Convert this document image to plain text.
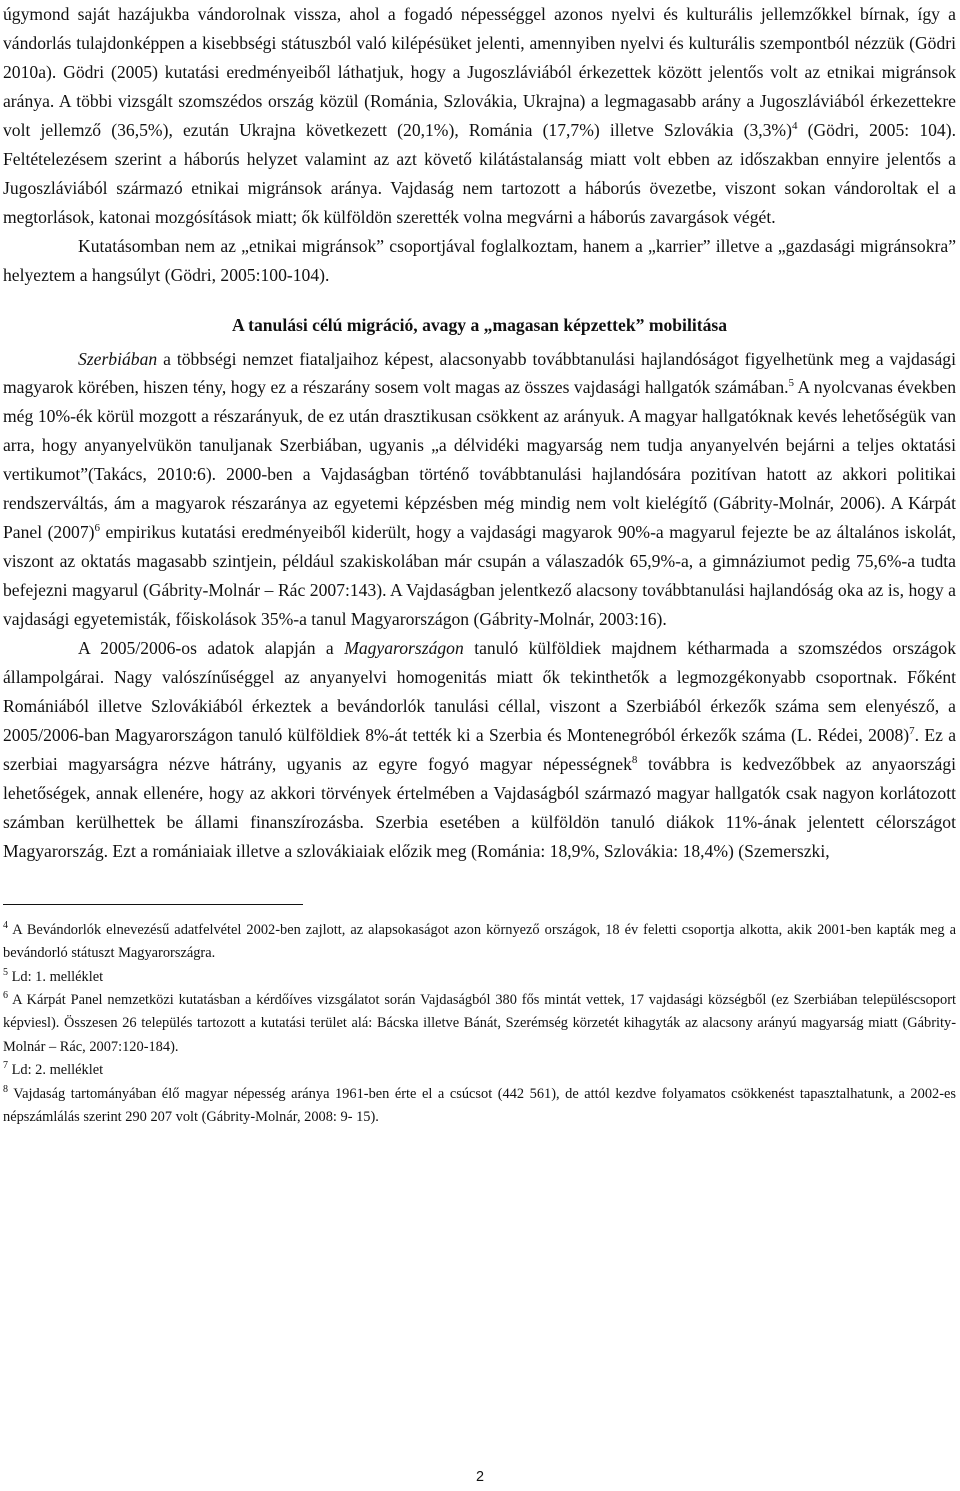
úgymond saját hazájukba vándorolnak vissza, ahol a fogadó népességgel azonos nyelvi és kulturális jellemzőkkel bírnak, így a vándorlás tulajdonképpen a kisebbségi státuszból való kilépésüket jelenti, amennyiben nyelvi és kulturális szempontból nézzük (Gödri 2010a). Gödri (2005) kutatási eredményeiből láthatjuk, hogy a Jugoszláviából érkezettek között jelentős volt az etnikai migránsok aránya. A többi vizsgált szomszédos ország közül (Románia, Szlovákia, Ukrajna) a legmagasabb arány a Jugoszláviából érkezettekre volt jellemző (36,5%), ezután Ukrajna következett (20,1%), Románia (17,7%) illetve Szlovákia $(3,3\%)^4$ (Gödri, 2005: 104). Feltételezésem szerint a háborús helyzet valamint az azt követő kilátástalanság miatt volt ebben az időszakban ennyire jelentős a Jugoszláviából származó etnikai migránsok aránya. Vajdaság nem tartozott a háborús övezetbe, viszont sokan vándoroltak el a megtorlások, katonai mozgósítások miatt; ők külföldön szerették volna megvárni a háborús zavargások végét.

Kutatásomban nem az „etnikai migránsok” csoportjával foglalkoztam, hanem a „karrier” illetve a „gazdasági migránsokra” helyeztem a hangsúlyt (Gödri, 2005:100-104).

A tanulási célú migráció, avagy a „magasan képzettek” mobilitása

Szerbiában a többségi nemzet fiataljaihoz képest, alacsonyabb továbbtanulási hajlandóságot figyelhetünk meg a vajdasági magyarok körében, hiszen tény, hogy ez a részarány sosem volt magas az összes vajdasági hallgatók számában.$^5$ A nyolcvanas években még 10%-ék körül mozgott a részarányuk, de ez után drasztikusan csökkent az arányuk. A magyar hallgatóknak kevés lehetőségük van arra, hogy anyanyelvükön tanuljanak Szerbiában, ugyanis „a délvidéki magyarság nem tudja anyanyelvén bejárni a teljes oktatási vertikumot”(Takács, 2010:6). 2000-ben a Vajdaságban történő továbbtanulási hajlandósára pozitívan hatott az akkori politikai rendszerváltás, ám a magyarok részaránya az egyetemi képzésben még mindig nem volt kielégítő (Gábrity-Molnár, 2006). A Kárpát Panel $(2007)^6$ empirikus kutatási eredményeiből kiderült, hogy a vajdasági magyarok 90%-a magyarul fejezte be az általános iskolát, viszont az oktatás magasabb szintjein, például szakiskolában már csupán a válaszadók 65,9%-a, a gimnáziumot pedig 75,6%-a tudta befejezni magyarul (Gábrity-Molnár – Rác 2007:143). A Vajdaságban jelentkező alacsony továbbtanulási hajlandóság oka az is, hogy a vajdasági egyetemisták, főiskolások 35%-a tanul Magyarországon (Gábrity-Molnár, 2003:16).

A 2005/2006-os adatok alapján a Magyarországon tanuló külföldiek majdnem kétharmada a szomszédos országok állampolgárai. Nagy valószínűséggel az anyanyelvi homogenitás miatt ők tekinthetők a legmozgékonyabb csoportnak. Főként Romániából illetve Szlovákiából érkeztek a bevándorlók tanulási céllal, viszont a Szerbiából érkezők száma sem elenyésző, a 2005/2006-ban Magyarországon tanuló külföldiek 8%-át tették ki a Szerbia és Montenegróból érkezők száma (L. Rédei, 2008)$^7$. Ez a szerbiai magyarságra nézve hátrány, ugyanis az egyre fogyó magyar népességnek$^8$ továbbra is kedvezőbbek az anyaországi lehetőségek, annak ellenére, hogy az akkori törvények értelmében a Vajdaságból származó magyar hallgatók csak nagyon korlátozott számban kerülhettek be állami finanszírozásba. Szerbia esetében a külföldön tanuló diákok 11%-ának jelentett célországot Magyarország. Ezt a romániaiak illetve a szlovákiaiak előzik meg (Románia: 18,9%, Szlovákia: 18,4%) (Szemerszki,

$^4$ A Bevándorlók elnevezésű adatfelvétel 2002-ben zajlott, az alapsokaságot azon környező országok, 18 év feletti csoportja alkotta, akik 2001-ben kapták meg a bevándorló státuszt Magyarországra.

$^5$ Ld: 1. melléklet

$^6$ A Kárpát Panel nemzetközi kutatásban a kérdőíves vizsgálatot során Vajdaságból 380 fős mintát vettek, 17 vajdasági községből (ez Szerbiában településcsoport képviesl). Összesen 26 település tartozott a kutatási terület alá: Bácska illetve Bánát, Szerémség körzetét kihagyták az alacsony arányú magyarság miatt (Gábrity-Molnár – Rác, 2007:120-184).

$^7$ Ld: 2. melléklet

$^8$ Vajdaság tartományában élő magyar népesség aránya 1961-ben érte el a csúcsot (442 561), de attól kezdve folyamatos csökkenést tapasztalhatunk, a 2002-es népszámlálás szerint 290 207 volt (Gábrity-Molnár, 2008: 9- 15).

2
